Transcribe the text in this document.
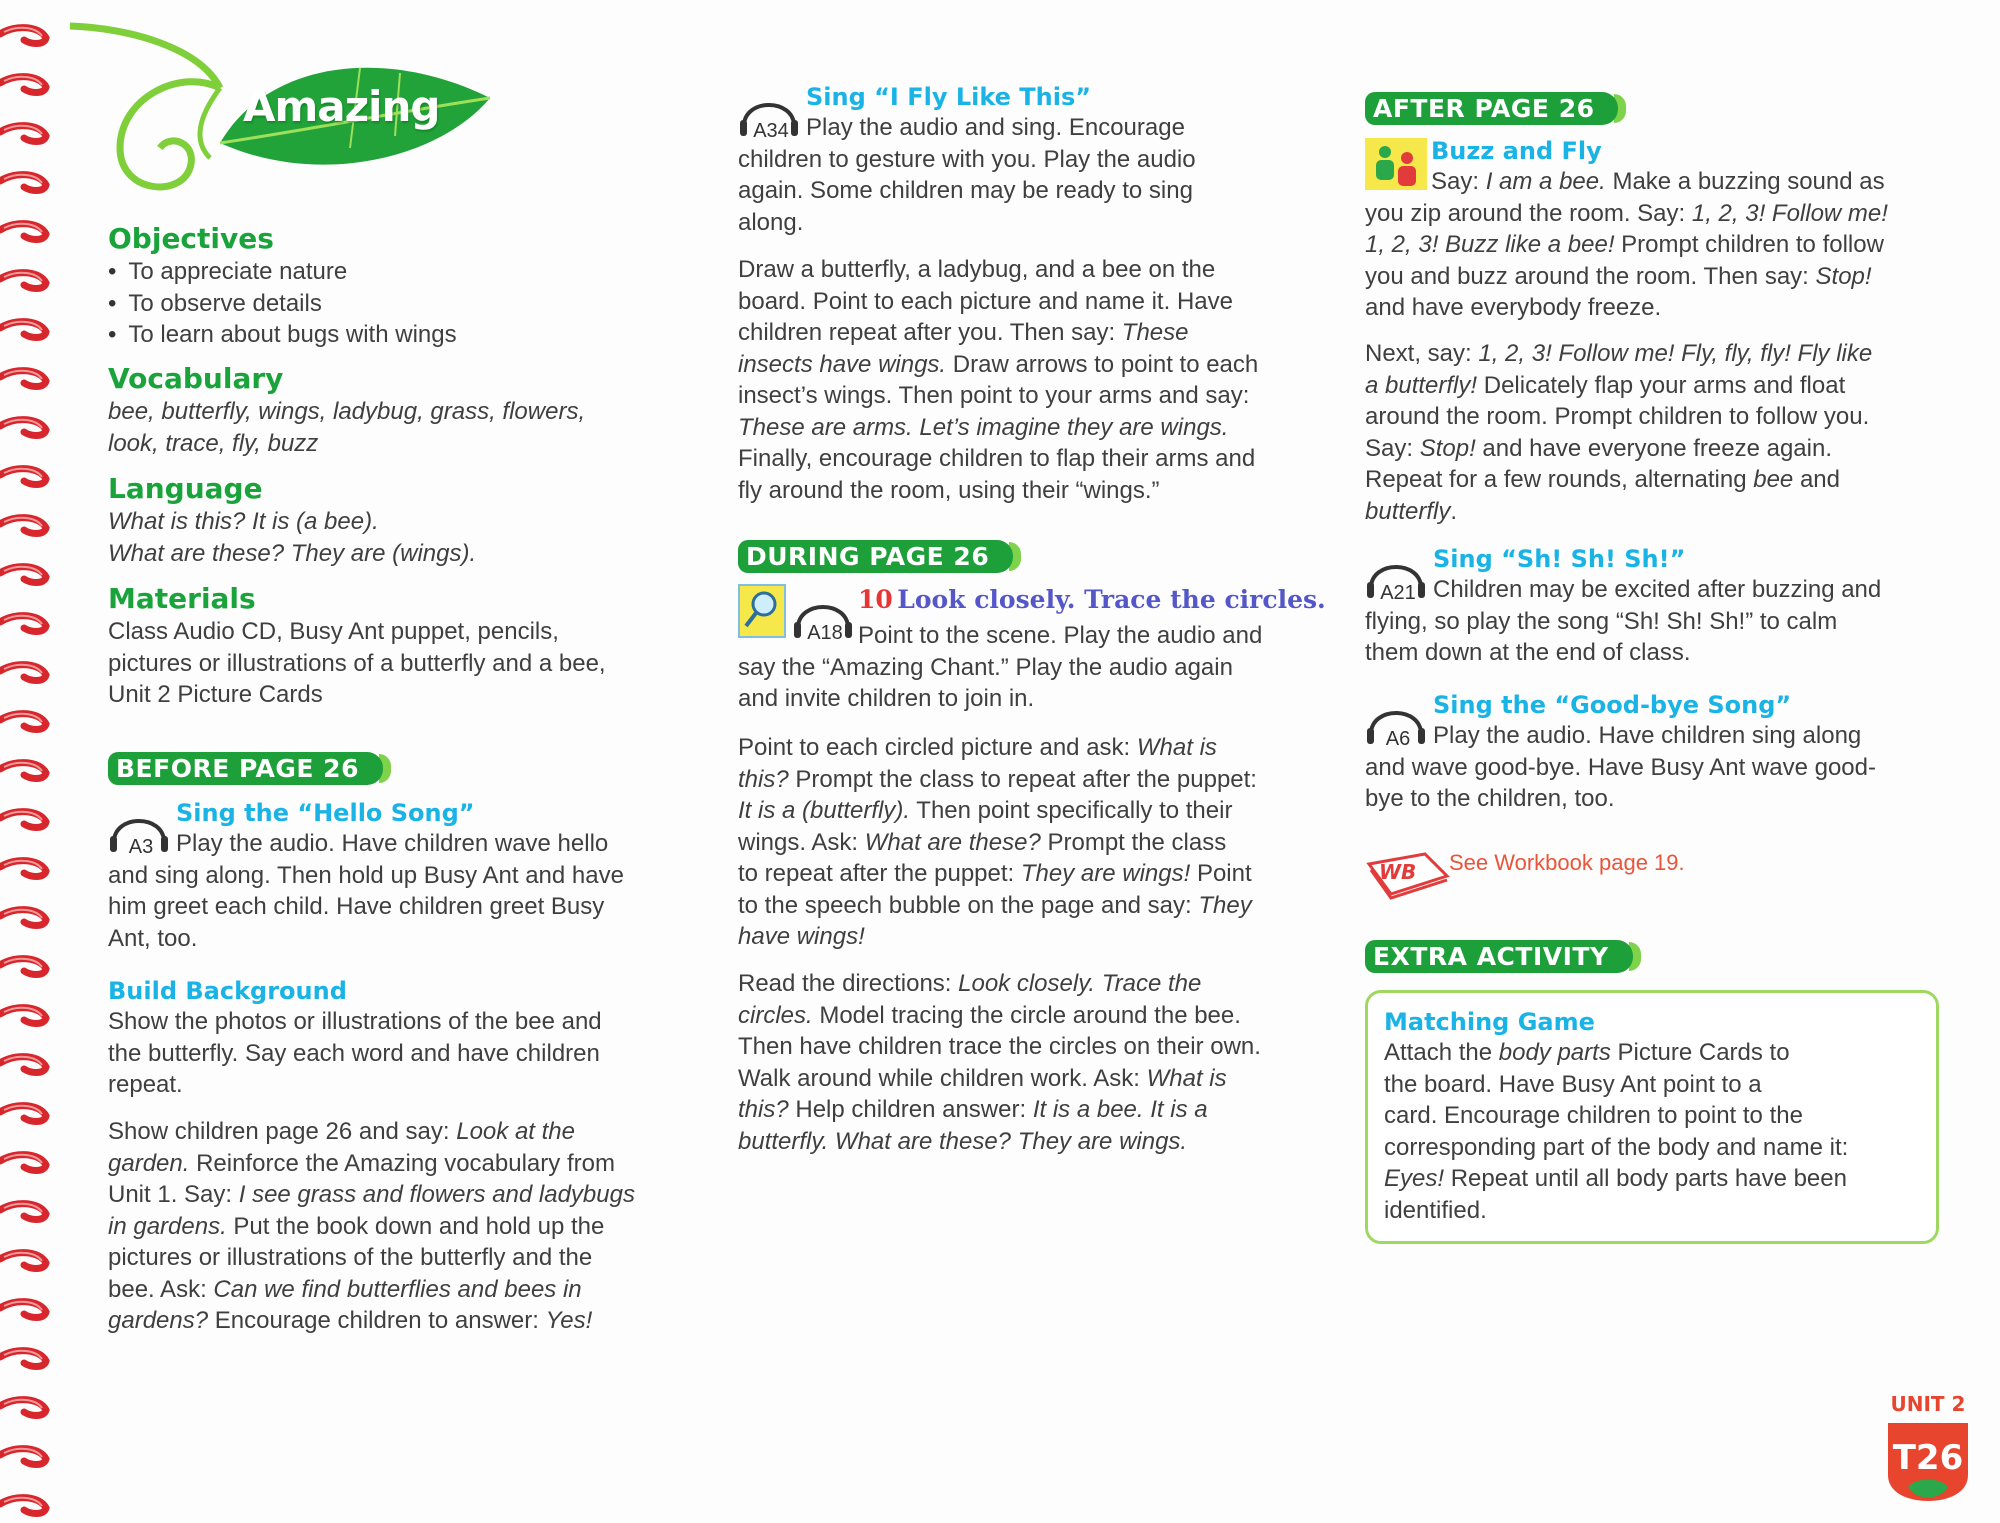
Amazing
Objectives
• To appreciate nature
• To observe details
• To learn about bugs with wings
Vocabulary
bee, butterfly, wings, ladybug, grass, flowers,
look, trace, fly, buzz
Language
What is this? It is (a bee).
What are these? They are (wings).
Materials
Class Audio CD, Busy Ant puppet, pencils,
pictures or illustrations of a butterfly and a bee,
Unit 2 Picture Cards
BEFORE PAGE 26
A3
Sing the “Hello Song”
Play the audio. Have children wave hello
and sing along. Then hold up Busy Ant and have
him greet each child. Have children greet Busy
Ant, too.
Build Background
Show the photos or illustrations of the bee and
the butterfly. Say each word and have children
repeat.
Show children page 26 and say: Look at the
garden. Reinforce the Amazing vocabulary from
Unit 1. Say: I see grass and flowers and ladybugs
in gardens. Put the book down and hold up the
pictures or illustrations of the butterfly and the
bee. Ask: Can we find butterflies and bees in
gardens? Encourage children to answer: Yes!
A34
Sing “I Fly Like This”
Play the audio and sing. Encourage
children to gesture with you. Play the audio
again. Some children may be ready to sing
along.
Draw a butterfly, a ladybug, and a bee on the
board. Point to each picture and name it. Have
children repeat after you. Then say: These
insects have wings. Draw arrows to point to each
insect’s wings. Then point to your arms and say:
These are arms. Let’s imagine they are wings.
Finally, encourage children to flap their arms and
fly around the room, using their “wings.”
DURING PAGE 26
A18
10 Look closely. Trace the circles.
Point to the scene. Play the audio and
say the “Amazing Chant.” Play the audio again
and invite children to join in.
Point to each circled picture and ask: What is
this? Prompt the class to repeat after the puppet:
It is a (butterfly). Then point specifically to their
wings. Ask: What are these? Prompt the class
to repeat after the puppet: They are wings! Point
to the speech bubble on the page and say: They
have wings!
Read the directions: Look closely. Trace the
circles. Model tracing the circle around the bee.
Then have children trace the circles on their own.
Walk around while children work. Ask: What is
this? Help children answer: It is a bee. It is a
butterfly. What are these? They are wings.
AFTER PAGE 26
Buzz and Fly
Say: I am a bee. Make a buzzing sound as
you zip around the room. Say: 1, 2, 3! Follow me!
1, 2, 3! Buzz like a bee! Prompt children to follow
you and buzz around the room. Then say: Stop!
and have everybody freeze.
Next, say: 1, 2, 3! Follow me! Fly, fly, fly! Fly like
a butterfly! Delicately flap your arms and float
around the room. Prompt children to follow you.
Say: Stop! and have everyone freeze again.
Repeat for a few rounds, alternating bee and
butterfly.
A21
Sing “Sh! Sh! Sh!”
Children may be excited after buzzing and
flying, so play the song “Sh! Sh! Sh!” to calm
them down at the end of class.
A6
Sing the “Good-bye Song”
Play the audio. Have children sing along
and wave good-bye. Have Busy Ant wave good-
bye to the children, too.
WB See Workbook page 19.
EXTRA ACTIVITY
Matching Game
Attach the body parts Picture Cards to
the board. Have Busy Ant point to a
card. Encourage children to point to the
corresponding part of the body and name it:
Eyes! Repeat until all body parts have been
identified.
T26
UNIT 2
